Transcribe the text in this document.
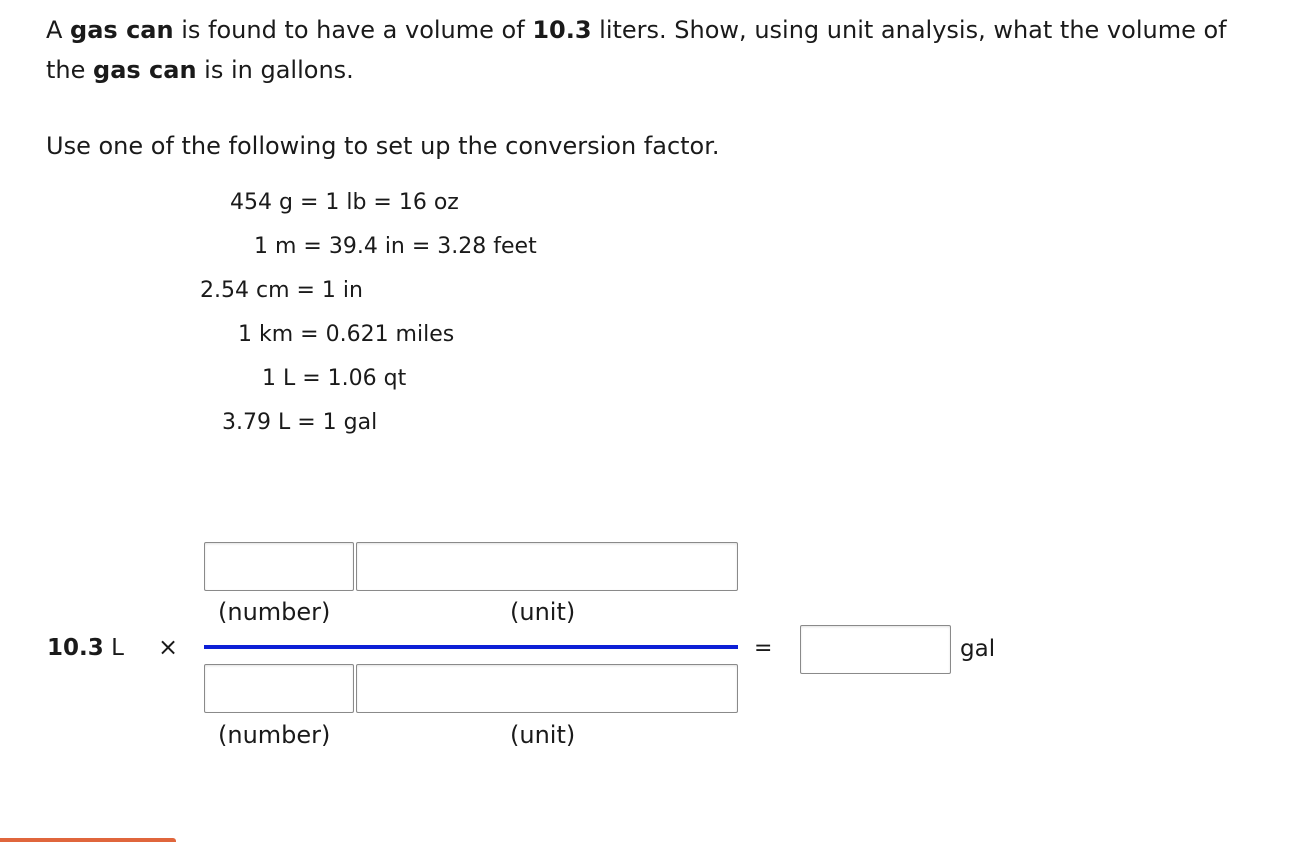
A gas can is found to have a volume of 10.3 liters. Show, using unit analysis, what the volume of the gas can is in gallons.

Use one of the following to set up the conversion factor.

454 g = 1 lb = 16 oz
1 m = 39.4 in = 3.28 feet
2.54 cm = 1 in
1 km = 0.621 miles
1 L = 1.06 qt
3.79 L = 1 gal
(number)	(unit)
10.3 L ×	=	gal
(number)	(unit)
